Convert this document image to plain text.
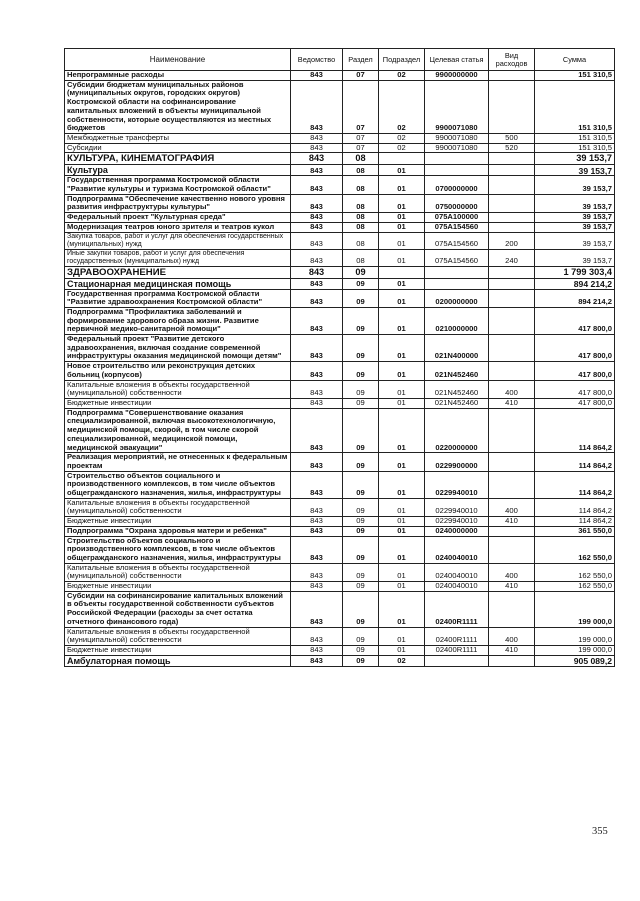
Наименование	Ведомство	Раздел	Подраздел	Целевая статья	Вид расходов	Сумма
Непрограммные расходы	843	07	02	9900000000		151 310,5
Субсидии бюджетам муниципальных районов (муниципальных округов, городских округов) Костромской области на софинансирование капитальных вложений в объекты муниципальной собственности, которые осуществляются из местных бюджетов	843	07	02	9900071080		151 310,5
Межбюджетные трансферты	843	07	02	9900071080	500	151 310,5
Субсидии	843	07	02	9900071080	520	151 310,5
КУЛЬТУРА, КИНЕМАТОГРАФИЯ	843	08				39 153,7
Культура	843	08	01			39 153,7
Государственная программа Костромской области "Развитие культуры и туризма Костромской области"	843	08	01	0700000000		39 153,7
Подпрограмма "Обеспечение качественно нового уровня развития инфраструктуры культуры"	843	08	01	0750000000		39 153,7
Федеральный проект "Культурная среда"	843	08	01	075A100000		39 153,7
Модернизация театров юного зрителя и театров кукол	843	08	01	075A154560		39 153,7
Закупка товаров, работ и услуг для обеспечения государственных (муниципальных) нужд	843	08	01	075A154560	200	39 153,7
Иные закупки товаров, работ и услуг для обеспечения государственных (муниципальных) нужд	843	08	01	075A154560	240	39 153,7
ЗДРАВООХРАНЕНИЕ	843	09				1 799 303,4
Стационарная медицинская помощь	843	09	01			894 214,2
Государственная программа Костромской области "Развитие здравоохранения Костромской области"	843	09	01	0200000000		894 214,2
Подпрограмма "Профилактика заболеваний и формирование здорового образа жизни. Развитие первичной медико-санитарной помощи"	843	09	01	0210000000		417 800,0
Федеральный проект "Развитие детского здравоохранения, включая создание современной инфраструктуры оказания медицинской помощи детям"	843	09	01	021N400000		417 800,0
Новое строительство или реконструкция детских больниц (корпусов)	843	09	01	021N452460		417 800,0
Капитальные вложения в объекты государственной (муниципальной) собственности	843	09	01	021N452460	400	417 800,0
Бюджетные инвестиции	843	09	01	021N452460	410	417 800,0
Подпрограмма "Совершенствование оказания специализированной, включая высокотехнологичную, медицинской помощи, скорой, в том числе скорой специализированной, медицинской помощи, медицинской эвакуации"	843	09	01	0220000000		114 864,2
Реализация мероприятий, не отнесенных к федеральным проектам	843	09	01	0229900000		114 864,2
Строительство объектов социального и производственного комплексов, в том числе объектов общегражданского назначения, жилья, инфраструктуры	843	09	01	0229940010		114 864,2
Капитальные вложения в объекты государственной (муниципальной) собственности	843	09	01	0229940010	400	114 864,2
Бюджетные инвестиции	843	09	01	0229940010	410	114 864,2
Подпрограмма "Охрана здоровья матери и ребенка"	843	09	01	0240000000		361 550,0
Строительство объектов социального и производственного комплексов, в том числе объектов общегражданского назначения, жилья, инфраструктуры	843	09	01	0240040010		162 550,0
Капитальные вложения в объекты государственной (муниципальной) собственности	843	09	01	0240040010	400	162 550,0
Бюджетные инвестиции	843	09	01	0240040010	410	162 550,0
Субсидии на софинансирование капитальных вложений в объекты государственной собственности субъектов Российской Федерации (расходы за счет остатка отчетного финансового года)	843	09	01	02400R1111		199 000,0
Капитальные вложения в объекты государственной (муниципальной) собственности	843	09	01	02400R1111	400	199 000,0
Бюджетные инвестиции	843	09	01	02400R1111	410	199 000,0
Амбулаторная помощь	843	09	02			905 089,2
355
